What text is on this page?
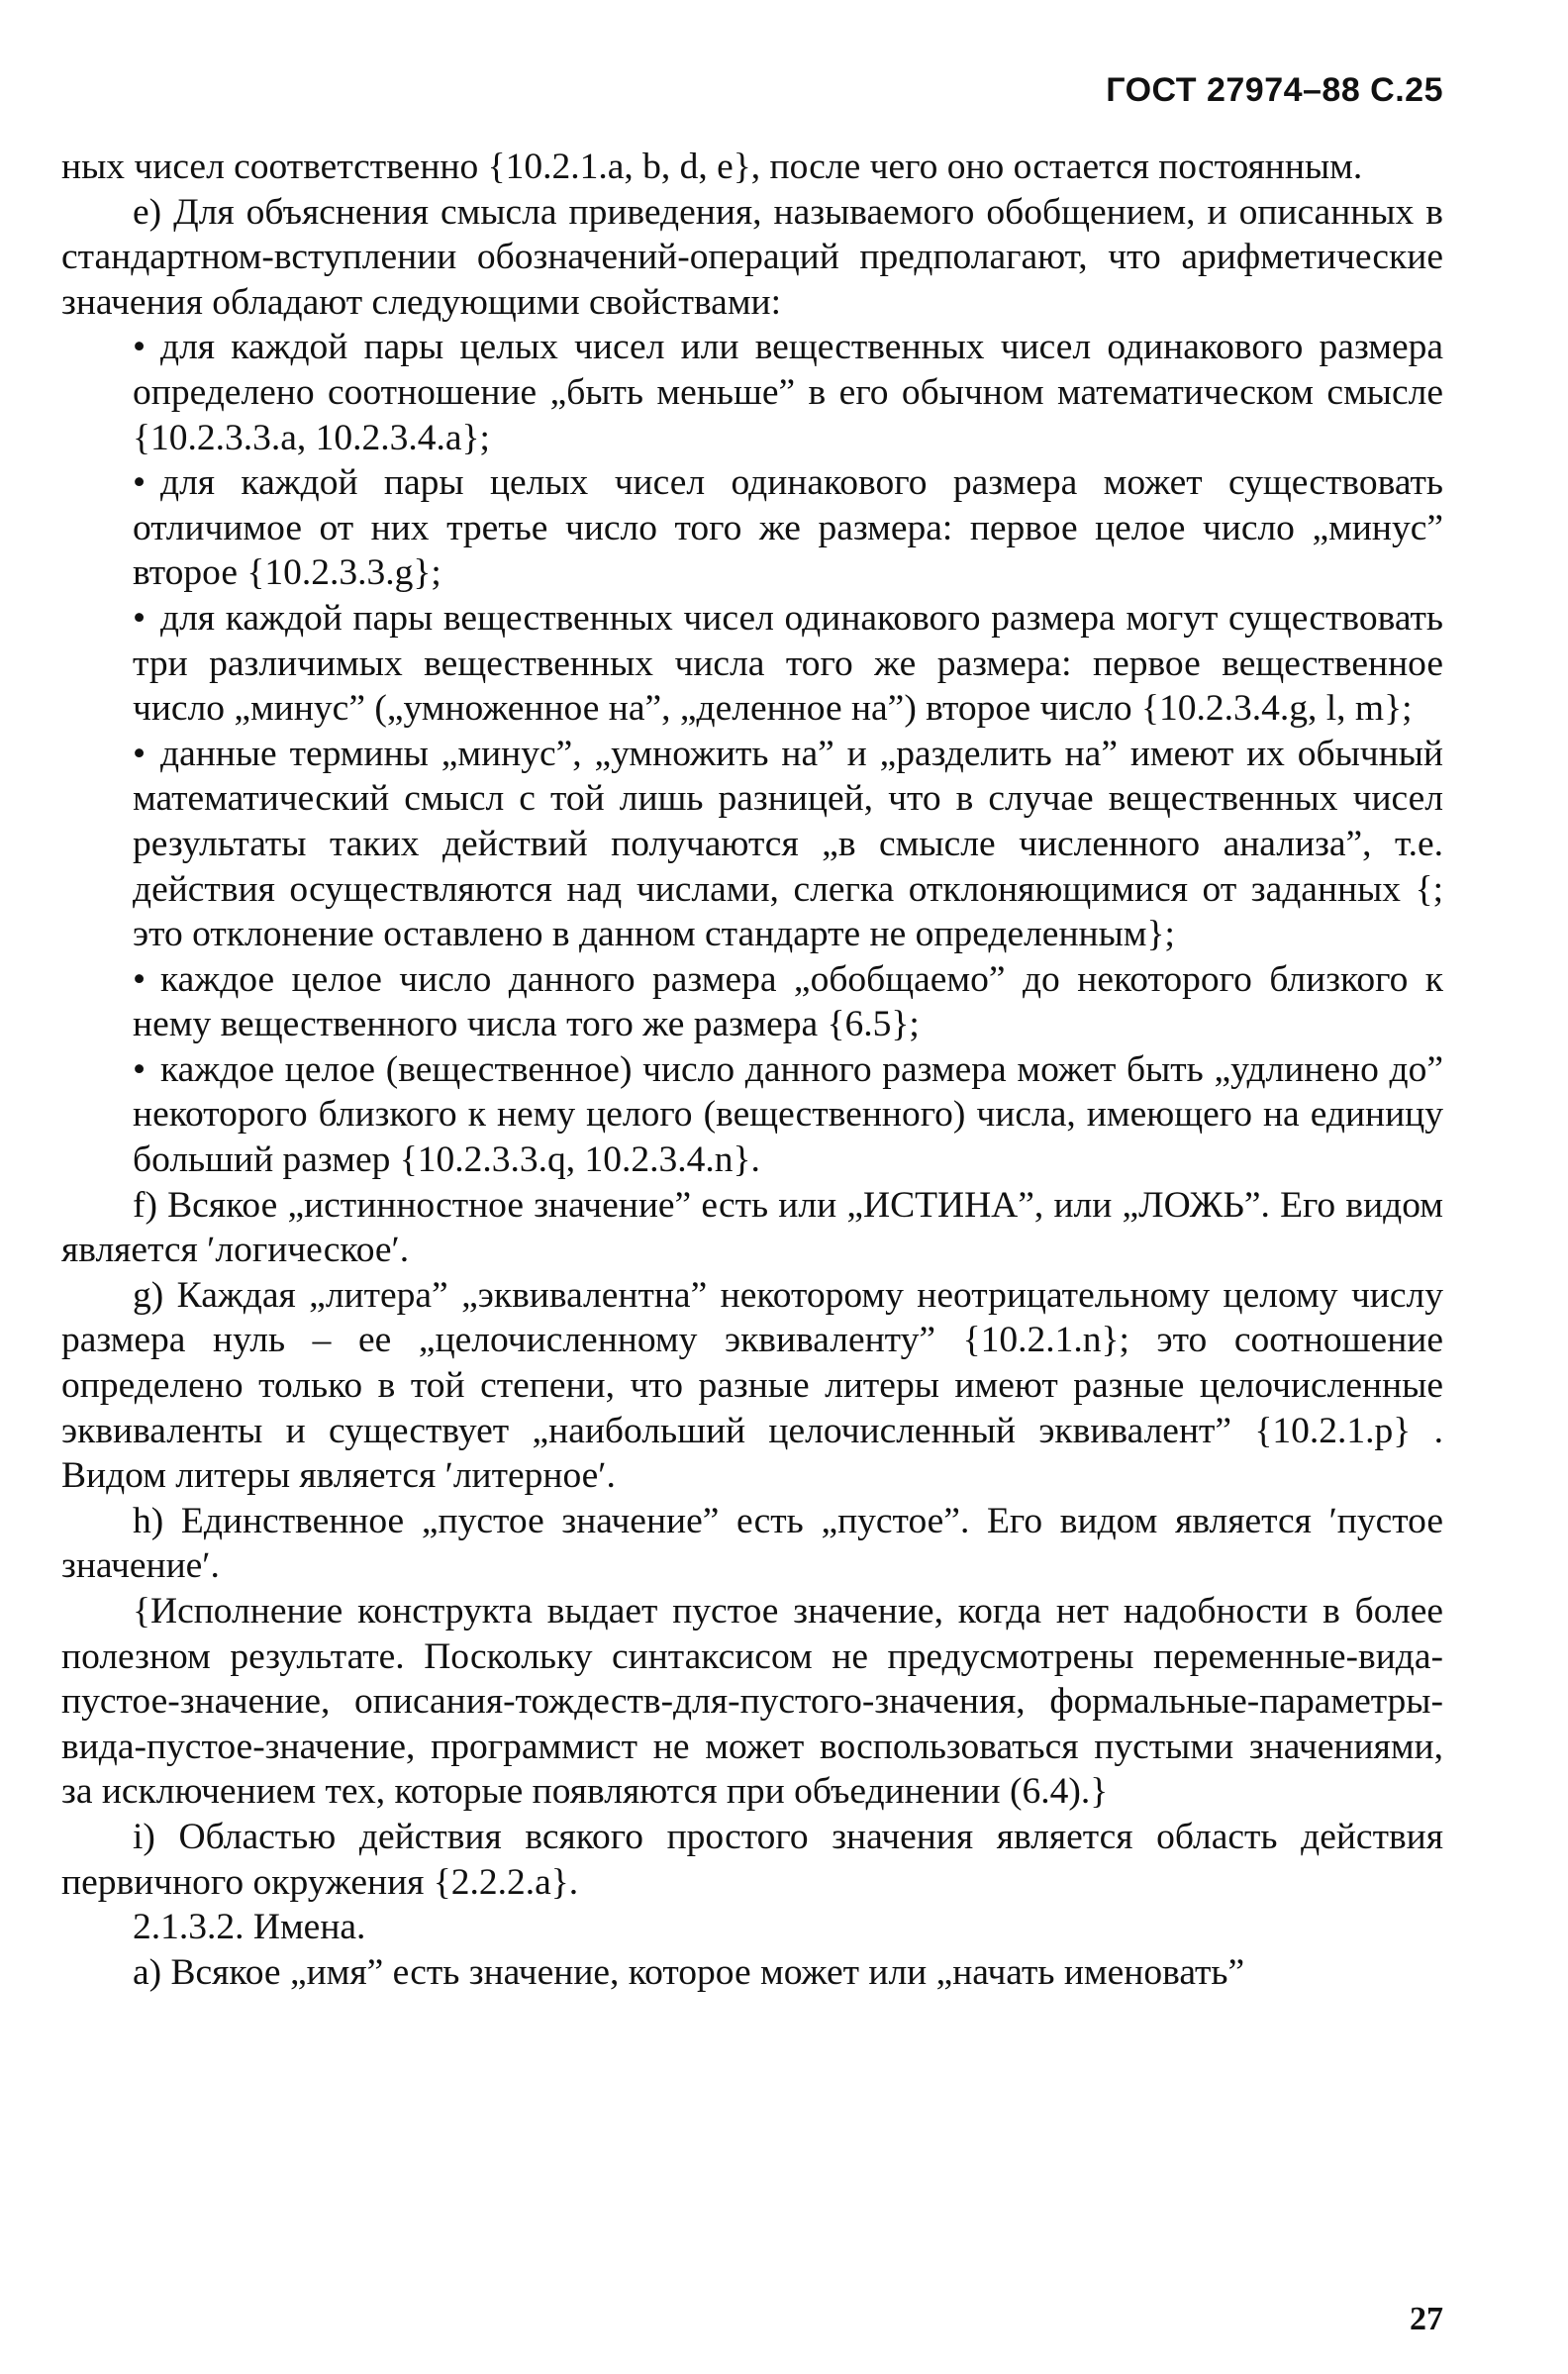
ГОСТ 27974–88 С.25

ных чисел соответственно {10.2.1.a, b, d, e}, после чего оно остается постоянным.

e) Для объяснения смысла приведения, называемого обобщением, и описанных в стандартном-вступлении обозначений-операций предполагают, что арифметические значения обладают следующими свойствами:

• для каждой пары целых чисел или вещественных чисел одинакового размера определено соотношение „быть меньше” в его обычном математическом смысле {10.2.3.3.a, 10.2.3.4.a};
• для каждой пары целых чисел одинакового размера может существовать отличимое от них третье число того же размера: первое целое число „минус” второе {10.2.3.3.g};
• для каждой пары вещественных чисел одинакового размера могут существовать три различимых вещественных числа того же размера: первое вещественное число „минус” („умноженное на”, „деленное на”) второе число {10.2.3.4.g, l, m};
• данные термины „минус”, „умножить на” и „разделить на” имеют их обычный математический смысл с той лишь разницей, что в случае вещественных чисел результаты таких действий получаются „в смысле численного анализа”, т.е. действия осуществляются над числами, слегка отклоняющимися от заданных {; это отклонение оставлено в данном стандарте не определенным};
• каждое целое число данного размера „обобщаемо” до некоторого близкого к нему вещественного числа того же размера {6.5};
• каждое целое (вещественное) число данного размера может быть „удлинено до” некоторого близкого к нему целого (вещественного) числа, имеющего на единицу больший размер {10.2.3.3.q, 10.2.3.4.n}.

f) Всякое „истинностное значение” есть или „ИСТИНА”, или „ЛОЖЬ”. Его видом является ʹлогическоеʹ.

g) Каждая „литера” „эквивалентна” некоторому неотрицательному целому числу размера нуль – ее „целочисленному эквиваленту” {10.2.1.n}; это соотношение определено только в той степени, что разные литеры имеют разные целочисленные эквиваленты и существует „наибольший целочисленный эквивалент” {10.2.1.p} . Видом литеры является ʹлитерноеʹ.

h) Единственное „пустое значение” есть „пустое”. Его видом является ʹпустое значениеʹ.

{Исполнение конструкта выдает пустое значение, когда нет надобности в более полезном результате. Поскольку синтаксисом не предусмотрены переменные-вида-пустое-значение, описания-тождеств-для-пустого-значения, формальные-параметры-вида-пустое-значение, программист не может воспользоваться пустыми значениями, за исключением тех, которые появляются при объединении (6.4).}

i) Областью действия всякого простого значения является область действия первичного окружения {2.2.2.a}.

2.1.3.2. Имена.

a) Всякое „имя” есть значение, которое может или „начать именовать”

27
